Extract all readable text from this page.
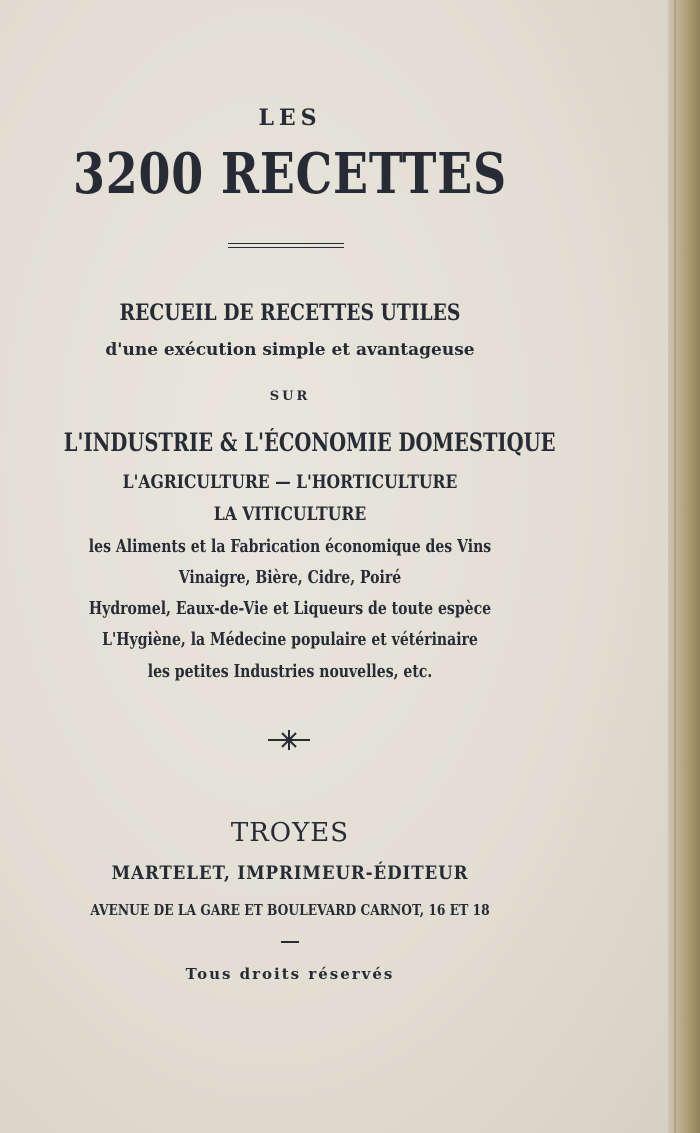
LES

3200 RECETTES

RECUEIL DE RECETTES UTILES

d'une exécution simple et avantageuse

SUR

L'INDUSTRIE & L'ÉCONOMIE DOMESTIQUE

L'AGRICULTURE — L'HORTICULTURE

LA VITICULTURE

les Aliments et la Fabrication économique des Vins

Vinaigre, Bière, Cidre, Poiré

Hydromel, Eaux-de-Vie et Liqueurs de toute espèce

L'Hygiène, la Médecine populaire et vétérinaire

les petites Industries nouvelles, etc.

TROYES

MARTELET, IMPRIMEUR-ÉDITEUR

AVENUE DE LA GARE ET BOULEVARD CARNOT, 16 ET 18

Tous droits réservés
